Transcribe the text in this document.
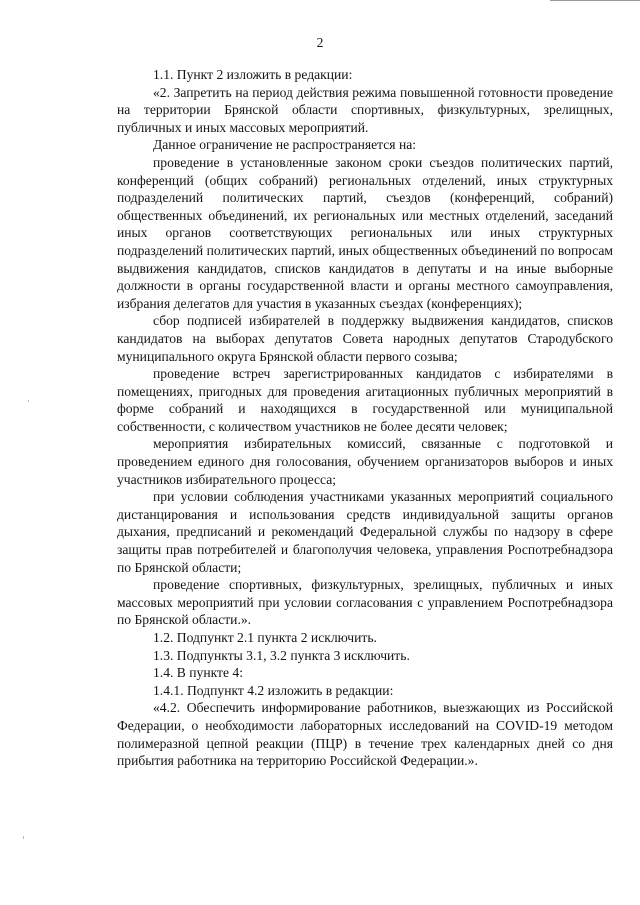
2

1.1. Пункт 2 изложить в редакции:

«2. Запретить на период действия режима повышенной готовности проведение на территории Брянской области спортивных, физкультурных, зрелищных, публичных и иных массовых мероприятий.

Данное ограничение не распространяется на:

проведение в установленные законом сроки съездов политических партий, конференций (общих собраний) региональных отделений, иных структурных подразделений политических партий, съездов (конференций, собраний) общественных объединений, их региональных или местных отделений, заседаний иных органов соответствующих региональных или иных структурных подразделений политических партий, иных общественных объединений по вопросам выдвижения кандидатов, списков кандидатов в депутаты и на иные выборные должности в органы государственной власти и органы местного самоуправления, избрания делегатов для участия в указанных съездах (конференциях);

сбор подписей избирателей в поддержку выдвижения кандидатов, списков кандидатов на выборах депутатов Совета народных депутатов Стародубского муниципального округа Брянской области первого созыва;

проведение встреч зарегистрированных кандидатов с избирателями в помещениях, пригодных для проведения агитационных публичных мероприятий в форме собраний и находящихся в государственной или муниципальной собственности, с количеством участников не более десяти человек;

мероприятия избирательных комиссий, связанные с подготовкой и проведением единого дня голосования, обучением организаторов выборов и иных участников избирательного процесса;

при условии соблюдения участниками указанных мероприятий социального дистанцирования и использования средств индивидуальной защиты органов дыхания, предписаний и рекомендаций Федеральной службы по надзору в сфере защиты прав потребителей и благополучия человека, управления Роспотребнадзора по Брянской области;

проведение спортивных, физкультурных, зрелищных, публичных и иных массовых мероприятий при условии согласования с управлением Роспотребнадзора по Брянской области.».

1.2. Подпункт 2.1 пункта 2 исключить.

1.3. Подпункты 3.1, 3.2 пункта 3 исключить.

1.4. В пункте 4:

1.4.1. Подпункт 4.2 изложить в редакции:

«4.2. Обеспечить информирование работников, выезжающих из Российской Федерации, о необходимости лабораторных исследований на COVID-19 методом полимеразной цепной реакции (ПЦР) в течение трех календарных дней со дня прибытия работника на территорию Российской Федерации.».
